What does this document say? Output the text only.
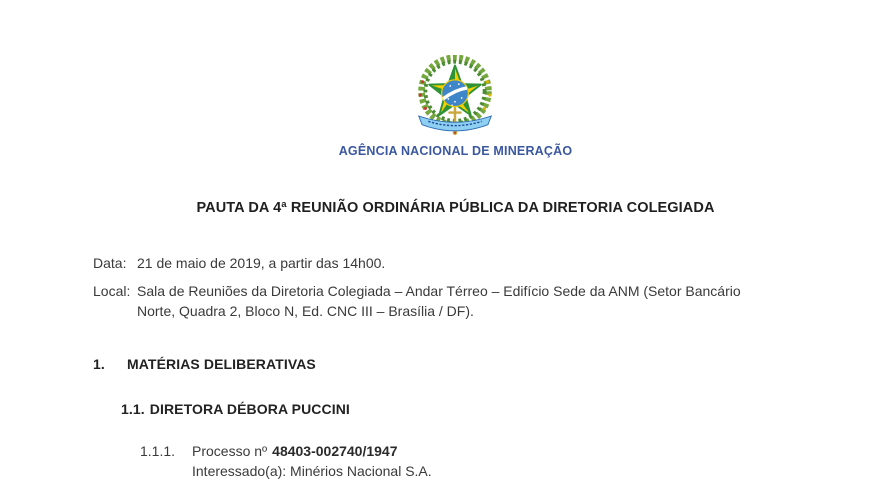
AGÊNCIA NACIONAL DE MINERAÇÃO
PAUTA DA 4ª REUNIÃO ORDINÁRIA PÚBLICA DA DIRETORIA COLEGIADA
Data: 21 de maio de 2019, a partir das 14h00.
Local: Sala de Reuniões da Diretoria Colegiada – Andar Térreo – Edifício Sede da ANM (Setor Bancário Norte, Quadra 2, Bloco N, Ed. CNC III – Brasília / DF).
1. MATÉRIAS DELIBERATIVAS
1.1. DIRETORA DÉBORA PUCCINI
1.1.1. Processo nº 48403-002740/1947
Interessado(a): Minérios Nacional S.A.
